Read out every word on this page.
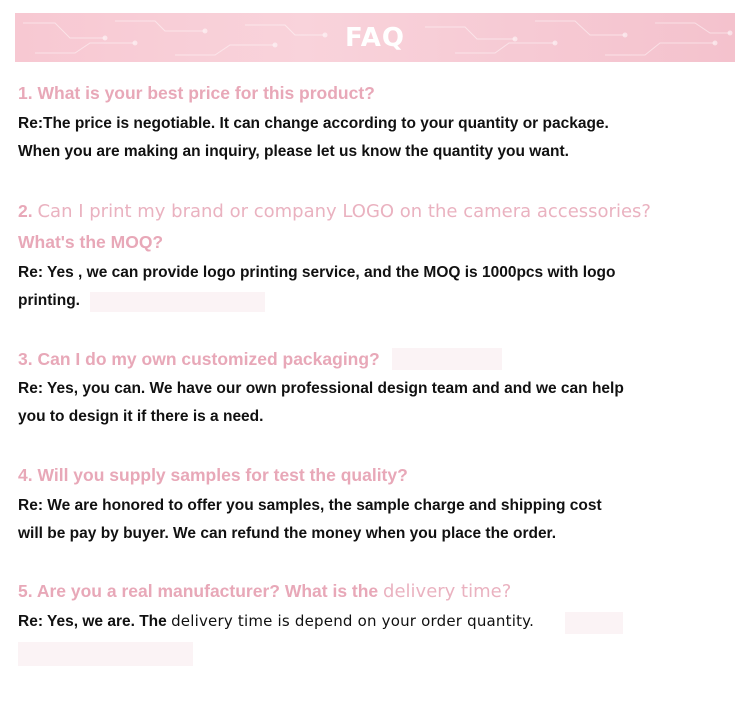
FAQ
1. What is your best price for this product?
Re:The price is negotiable. It can change according to your quantity or package.
When you are making an inquiry, please let us know the quantity you want.
2. Can I print my brand or company LOGO on the camera accessories?
What's the MOQ?
Re: Yes , we can provide logo printing service, and the MOQ is 1000pcs with logo
printing.
3. Can I do my own customized packaging?
Re: Yes, you can. We have our own professional design team and and we can help
you to design it if there is a need.
4. Will you supply samples for test the quality?
Re: We are honored to offer you samples, the sample charge and shipping cost
will be pay by buyer. We can refund the money when you place the order.
5. Are you a real manufacturer? What is the delivery time?
Re: Yes, we are. The delivery time is depend on your order quantity.
